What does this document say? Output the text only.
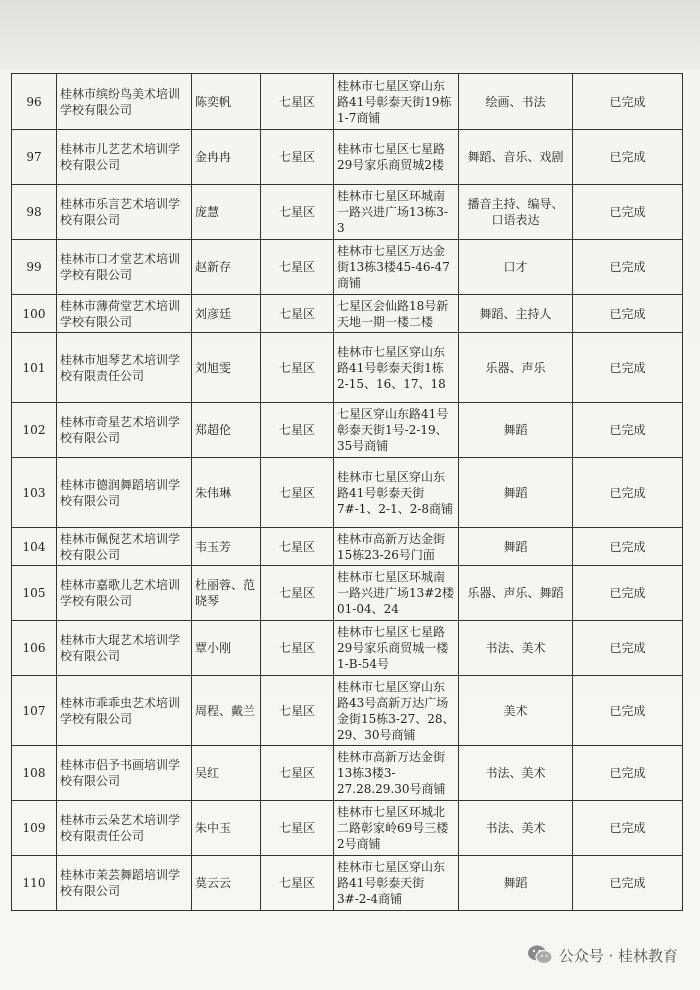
96	桂林市缤纷鸟美术培训学校有限公司	陈奕帆	七星区	桂林市七星区穿山东路41号彰泰天街19栋1-7商铺	绘画、书法	已完成
97	桂林市儿艺艺术培训学校有限公司	金冉冉	七星区	桂林市七星区七星路29号家乐商贸城2楼	舞蹈、音乐、戏剧	已完成
98	桂林市乐言艺术培训学校有限公司	庞慧	七星区	桂林市七星区环城南一路兴进广场13栋3-3	播音主持、编导、口语表达	已完成
99	桂林市口才堂艺术培训学校有限公司	赵新存	七星区	桂林市七星区万达金街13栋3楼45-46-47商铺	口才	已完成
100	桂林市薄荷堂艺术培训学校有限公司	刘彦廷	七星区	七星区会仙路18号新天地一期一楼二楼	舞蹈、主持人	已完成
101	桂林市旭琴艺术培训学校有限责任公司	刘旭雯	七星区	桂林市七星区穿山东路41号彰泰天街1栋2-15、16、17、18	乐器、声乐	已完成
102	桂林市奇星艺术培训学校有限公司	郑超伦	七星区	七星区穿山东路41号彰泰天街1号-2-19、35号商铺	舞蹈	已完成
103	桂林市德润舞蹈培训学校有限公司	朱伟琳	七星区	桂林市七星区穿山东路41号彰泰天街7#-1、2-1、2-8商铺	舞蹈	已完成
104	桂林市佩倪艺术培训学校有限公司	韦玉芳	七星区	桂林市高新万达金街15栋23-26号门面	舞蹈	已完成
105	桂林市嘉歌儿艺术培训学校有限公司	杜丽蓉、范晓琴	七星区	桂林市七星区环城南一路兴进广场13#2楼01-04、24	乐器、声乐、舞蹈	已完成
106	桂林市大琨艺术培训学校有限公司	覃小刚	七星区	桂林市七星区七星路29号家乐商贸城一楼1-B-54号	书法、美术	已完成
107	桂林市乖乖虫艺术培训学校有限公司	周程、戴兰	七星区	桂林市七星区穿山东路43号高新万达广场金街15栋3-27、28、29、30号商铺	美术	已完成
108	桂林市侣予书画培训学校有限公司	吴红	七星区	桂林市高新万达金街13栋3楼3-27.28.29.30号商铺	书法、美术	已完成
109	桂林市云朵艺术培训学校有限责任公司	朱中玉	七星区	桂林市七星区环城北二路彰家岭69号三楼2号商铺	书法、美术	已完成
110	桂林市茉芸舞蹈培训学校有限公司	莫云云	七星区	桂林市七星区穿山东路41号彰泰天街3#-2-4商铺	舞蹈	已完成
公众号 · 桂林教育
